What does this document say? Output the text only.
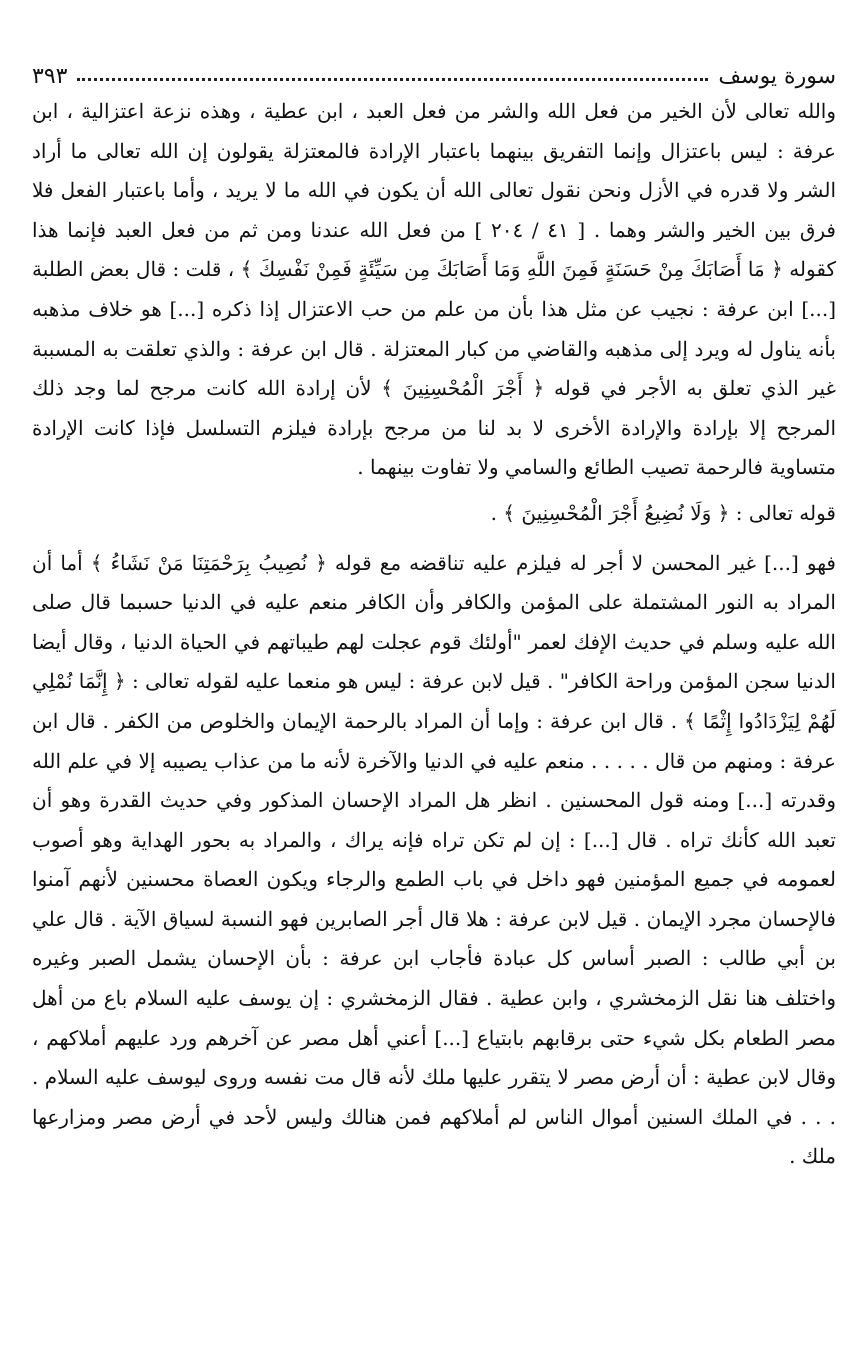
سورة يوسف
٣٩٣

والله تعالى لأن الخير من فعل الله والشر من فعل العبد ، ابن عطية ، وهذه نزعة اعتزالية ، ابن عرفة : ليس باعتزال وإنما التفريق بينهما باعتبار الإرادة فالمعتزلة يقولون إن الله تعالى ما أراد الشر ولا قدره في الأزل ونحن نقول تعالى الله أن يكون في الله ما لا يريد ، وأما باعتبار الفعل فلا فرق بين الخير والشر وهما . [ ٤١ / ٢٠٤ ] من فعل الله عندنا ومن ثم من فعل العبد فإنما هذا كقوله ﴿ مَا أَصَابَكَ مِنْ حَسَنَةٍ فَمِنَ اللَّهِ وَمَا أَصَابَكَ مِن سَيِّئَةٍ فَمِنْ نَفْسِكَ ﴾ ، قلت : قال بعض الطلبة [...] ابن عرفة : نجيب عن مثل هذا بأن من علم من حب الاعتزال إذا ذكره [...] هو خلاف مذهبه بأنه يناول له ويرد إلى مذهبه والقاضي من كبار المعتزلة . قال ابن عرفة : والذي تعلقت به المسببة غير الذي تعلق به الأجر في قوله ﴿ أَجْرَ الْمُحْسِنِينَ ﴾ لأن إرادة الله كانت مرجح لما وجد ذلك المرجح إلا بإرادة والإرادة الأخرى لا بد لنا من مرجح بإرادة فيلزم التسلسل فإذا كانت الإرادة متساوية فالرحمة تصيب الطائع والسامي ولا تفاوت بينهما .

قوله تعالى : ﴿ وَلَا نُضِيعُ أَجْرَ الْمُحْسِنِينَ ﴾ .

فهو [...] غير المحسن لا أجر له فيلزم عليه تناقضه مع قوله ﴿ نُصِيبُ بِرَحْمَتِنَا مَنْ نَشَاءُ ﴾ أما أن المراد به النور المشتملة على المؤمن والكافر وأن الكافر منعم عليه في الدنيا حسبما قال صلى الله عليه وسلم في حديث الإفك لعمر "أولئك قوم عجلت لهم طيباتهم في الحياة الدنيا ، وقال أيضا الدنيا سجن المؤمن وراحة الكافر" . قيل لابن عرفة : ليس هو منعما عليه لقوله تعالى : ﴿ إِنَّمَا نُمْلِي لَهُمْ لِيَزْدَادُوا إِثْمًا ﴾ . قال ابن عرفة : وإما أن المراد بالرحمة الإيمان والخلوص من الكفر . قال ابن عرفة : ومنهم من قال . . . . . منعم عليه في الدنيا والآخرة لأنه ما من عذاب يصيبه إلا في علم الله وقدرته [...] ومنه قول المحسنين . انظر هل المراد الإحسان المذكور وفي حديث القدرة وهو أن تعبد الله كأنك تراه . قال [...] : إن لم تكن تراه فإنه يراك ، والمراد به بحور الهداية وهو أصوب لعمومه في جميع المؤمنين فهو داخل في باب الطمع والرجاء ويكون العصاة محسنين لأنهم آمنوا فالإحسان مجرد الإيمان . قيل لابن عرفة : هلا قال أجر الصابرين فهو النسبة لسياق الآية . قال علي بن أبي طالب : الصبر أساس كل عبادة فأجاب ابن عرفة : بأن الإحسان يشمل الصبر وغيره واختلف هنا نقل الزمخشري ، وابن عطية . فقال الزمخشري : إن يوسف عليه السلام باع من أهل مصر الطعام بكل شيء حتى برقابهم بابتياع [...] أعني أهل مصر عن آخرهم ورد عليهم أملاكهم ، وقال لابن عطية : أن أرض مصر لا يتقرر عليها ملك لأنه قال مت نفسه وروى ليوسف عليه السلام . . . . في الملك السنين أموال الناس لم أملاكهم فمن هنالك وليس لأحد في أرض مصر ومزارعها ملك .
